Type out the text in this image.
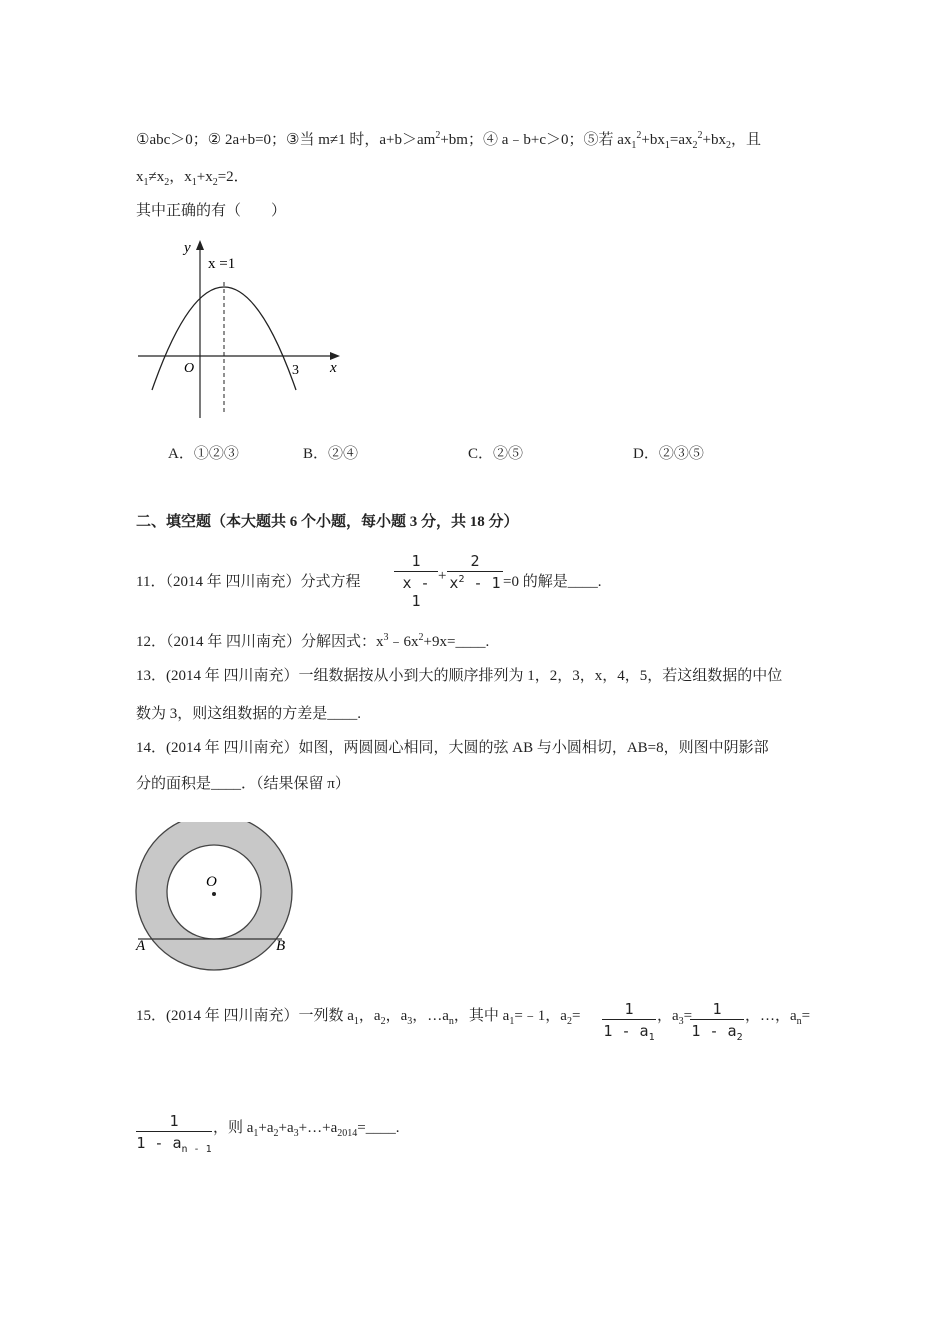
①abc＞0；② 2a+b=0；③当 m≠1 时，$a+b>am^2+bm$；④ a﹣b+c＞0；⑤若 $ax_1^2+bx_1=ax_2^2+bx_2$，且
$x_1\ne x_2$，$x_1+x_2=2$．
其中正确的有（　　）
y
x
O	3
x =1
A．①②③	B．②④	C．②⑤	D．②③⑤
二、填空题（本大题共 6 个小题，每小题 3 分，共 18 分）
11．（2014 年 四川南充）分式方程 $\frac{1}{x - 1} + \frac{2}{x^2 - 1} =0$ 的解是____.
12．（2014 年 四川南充）分解因式：$x^3﹣6x^2+9x=\_\_\_\_$.
13．(2014 年 四川南充）一组数据按从小到大的顺序排列为 1，2，3，x，4，5，若这组数据的中位
数为 3，则这组数据的方差是____.
14．(2014 年 四川南充）如图，两圆圆心相同，大圆的弦 AB 与小圆相切，AB=8，则图中阴影部
分的面积是____．（结果保留 π）
O
A	B
15．(2014 年 四川南充）一列数 $a_1$，$a_2$，$a_3$，$\dots a_n$，其中 $a_1=﹣1$，$a_2= \frac{1}{1 - a_1}$ ，$a_3=$
$\frac{1}{1 - a_2}$ ，…，$a_n=$
$\frac{1}{1 - a_{n - 1}}$ ，则 $a_1+a_2+a_3+\dots+a_{2014}=\_\_\_\_$.
